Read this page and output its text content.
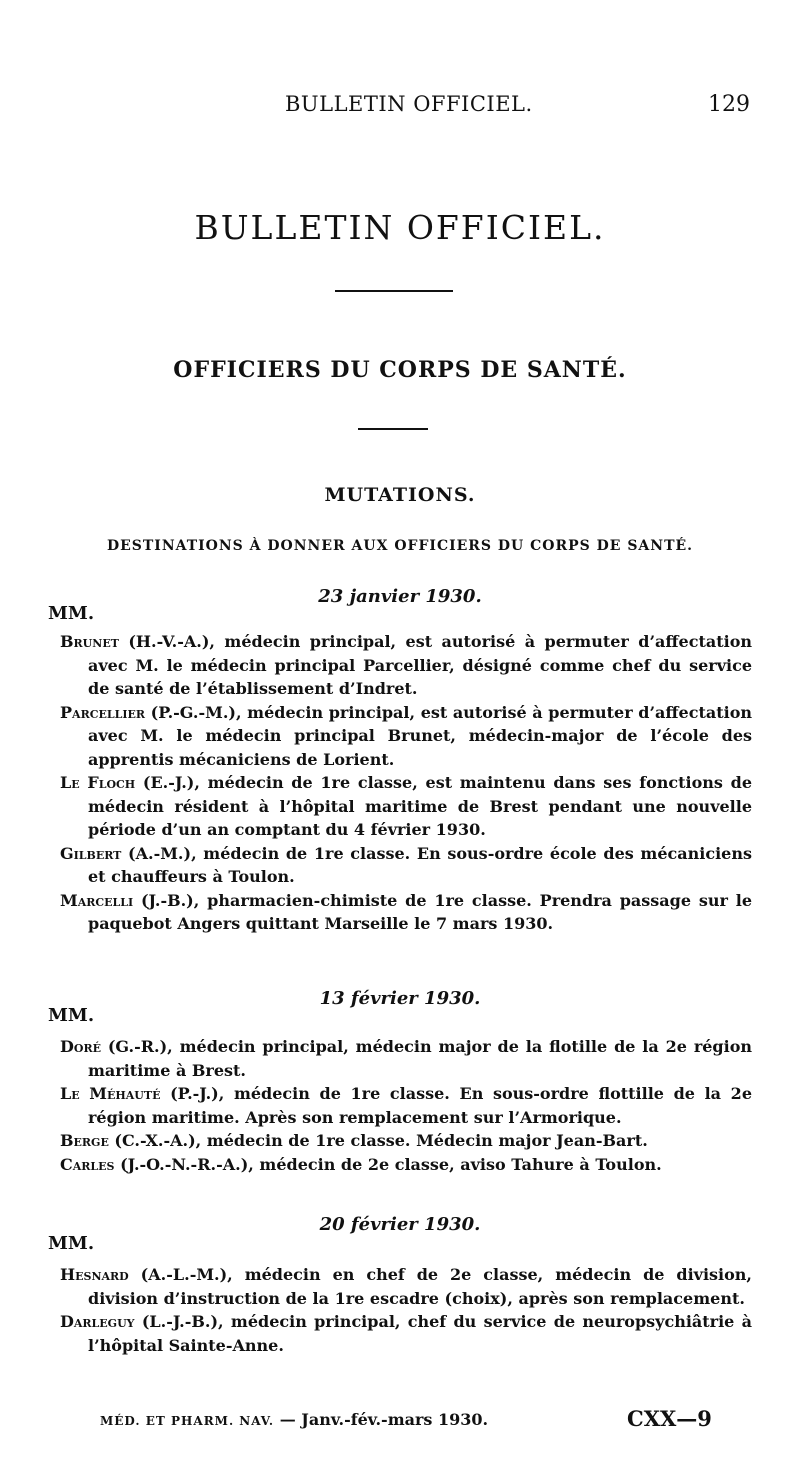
BULLETIN OFFICIEL.	129
BULLETIN OFFICIEL.
OFFICIERS DU CORPS DE SANTÉ.
MUTATIONS.
DESTINATIONS À DONNER AUX OFFICIERS DU CORPS DE SANTÉ.
23 janvier 1930.
MM.

Brunet (H.-V.-A.), médecin principal, est autorisé à permuter d’affectation avec M. le médecin principal Parcellier, désigné comme chef du service de santé de l’établissement d’Indret.

Parcellier (P.-G.-M.), médecin principal, est autorisé à permuter d’affectation avec M. le médecin principal Brunet, médecin-major de l’école des apprentis mécaniciens de Lorient.

Le Floch (E.-J.), médecin de 1re classe, est maintenu dans ses fonctions de médecin résident à l’hôpital maritime de Brest pendant une nouvelle période d’un an comptant du 4 février 1930.

Gilbert (A.-M.), médecin de 1re classe. En sous-ordre école des mécaniciens et chauffeurs à Toulon.

Marcelli (J.-B.), pharmacien-chimiste de 1re classe. Prendra passage sur le paquebot Angers quittant Marseille le 7 mars 1930.

13 février 1930.
MM.

Doré (G.-R.), médecin principal, médecin major de la flotille de la 2e région maritime à Brest.

Le Méhauté (P.-J.), médecin de 1re classe. En sous-ordre flottille de la 2e région maritime. Après son remplacement sur l’Armorique.

Berge (C.-X.-A.), médecin de 1re classe. Médecin major Jean-Bart.

Carles (J.-O.-N.-R.-A.), médecin de 2e classe, aviso Tahure à Toulon.

20 février 1930.
MM.

Hesnard (A.-L.-M.), médecin en chef de 2e classe, médecin de division, division d’instruction de la 1re escadre (choix), après son remplacement.

Darleguy (L.-J.-B.), médecin principal, chef du service de neuropsychiâtrie à l’hôpital Sainte-Anne.

MÉD. ET PHARM. NAV. — Janv.-fév.-mars 1930.	CXX—9
